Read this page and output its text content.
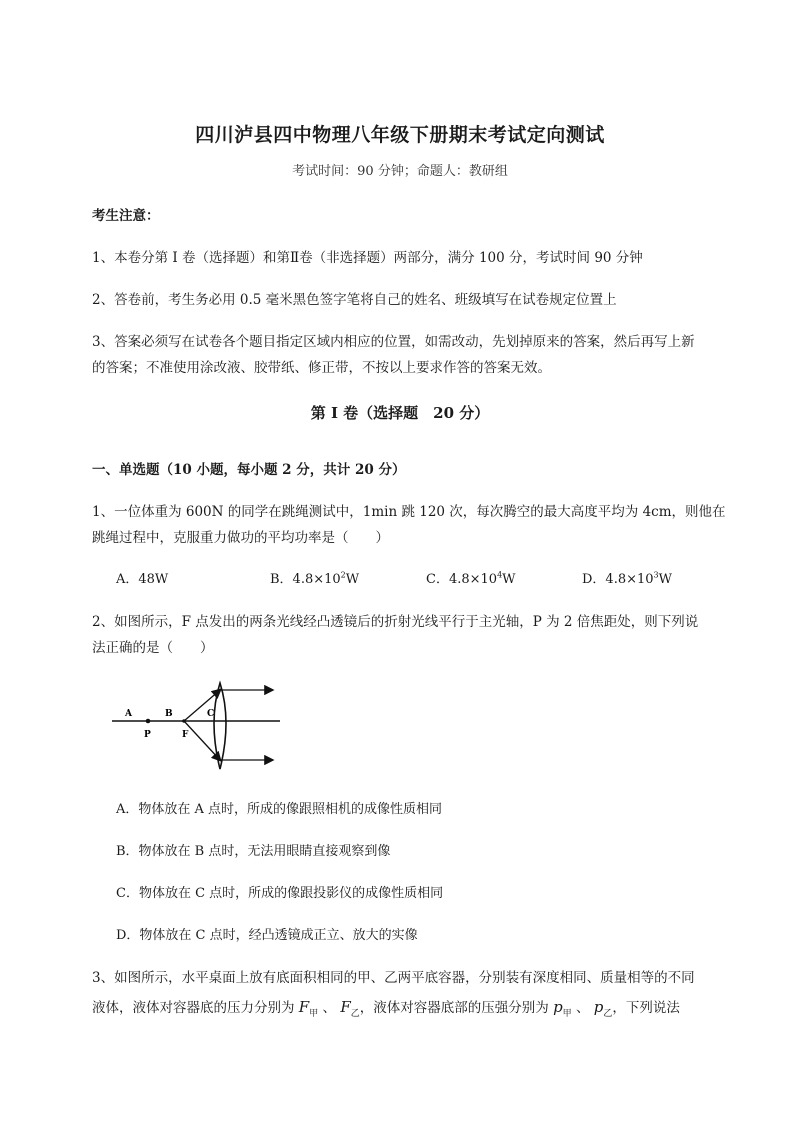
四川泸县四中物理八年级下册期末考试定向测试
考试时间：90 分钟；命题人：教研组
考生注意：
1、本卷分第 I 卷（选择题）和第Ⅱ卷（非选择题）两部分，满分 100 分，考试时间 90 分钟
2、答卷前，考生务必用 0.5 毫米黑色签字笔将自己的姓名、班级填写在试卷规定位置上
3、答案必须写在试卷各个题目指定区域内相应的位置，如需改动，先划掉原来的答案，然后再写上新
的答案；不准使用涂改液、胶带纸、修正带，不按以上要求作答的答案无效。
第 I 卷（选择题　20 分）
一、单选题（10 小题，每小题 2 分，共计 20 分）
1、一位体重为 600N 的同学在跳绳测试中，1min 跳 120 次，每次腾空的最大高度平均为 4cm，则他在
跳绳过程中，克服重力做功的平均功率是（　　）
A．48W	B．$4.8\times 10^2W$	C．$4.8\times 10^4W$	D．$4.8\times 10^3W$
2、如图所示，F 点发出的两条光线经凸透镜后的折射光线平行于主光轴，P 为 2 倍焦距处，则下列说
法正确的是（　　）
A	B	C
P	F
A．物体放在 A 点时，所成的像跟照相机的成像性质相同
B．物体放在 B 点时，无法用眼睛直接观察到像
C．物体放在 C 点时，所成的像跟投影仪的成像性质相同
D．物体放在 C 点时，经凸透镜成正立、放大的实像
3、如图所示，水平桌面上放有底面积相同的甲、乙两平底容器，分别装有深度相同、质量相等的不同
液体，液体对容器底的压力分别为 $F_甲$ 、 $F_乙$，液体对容器底部的压强分别为 $p_甲$ 、 $p_乙$，下列说法
